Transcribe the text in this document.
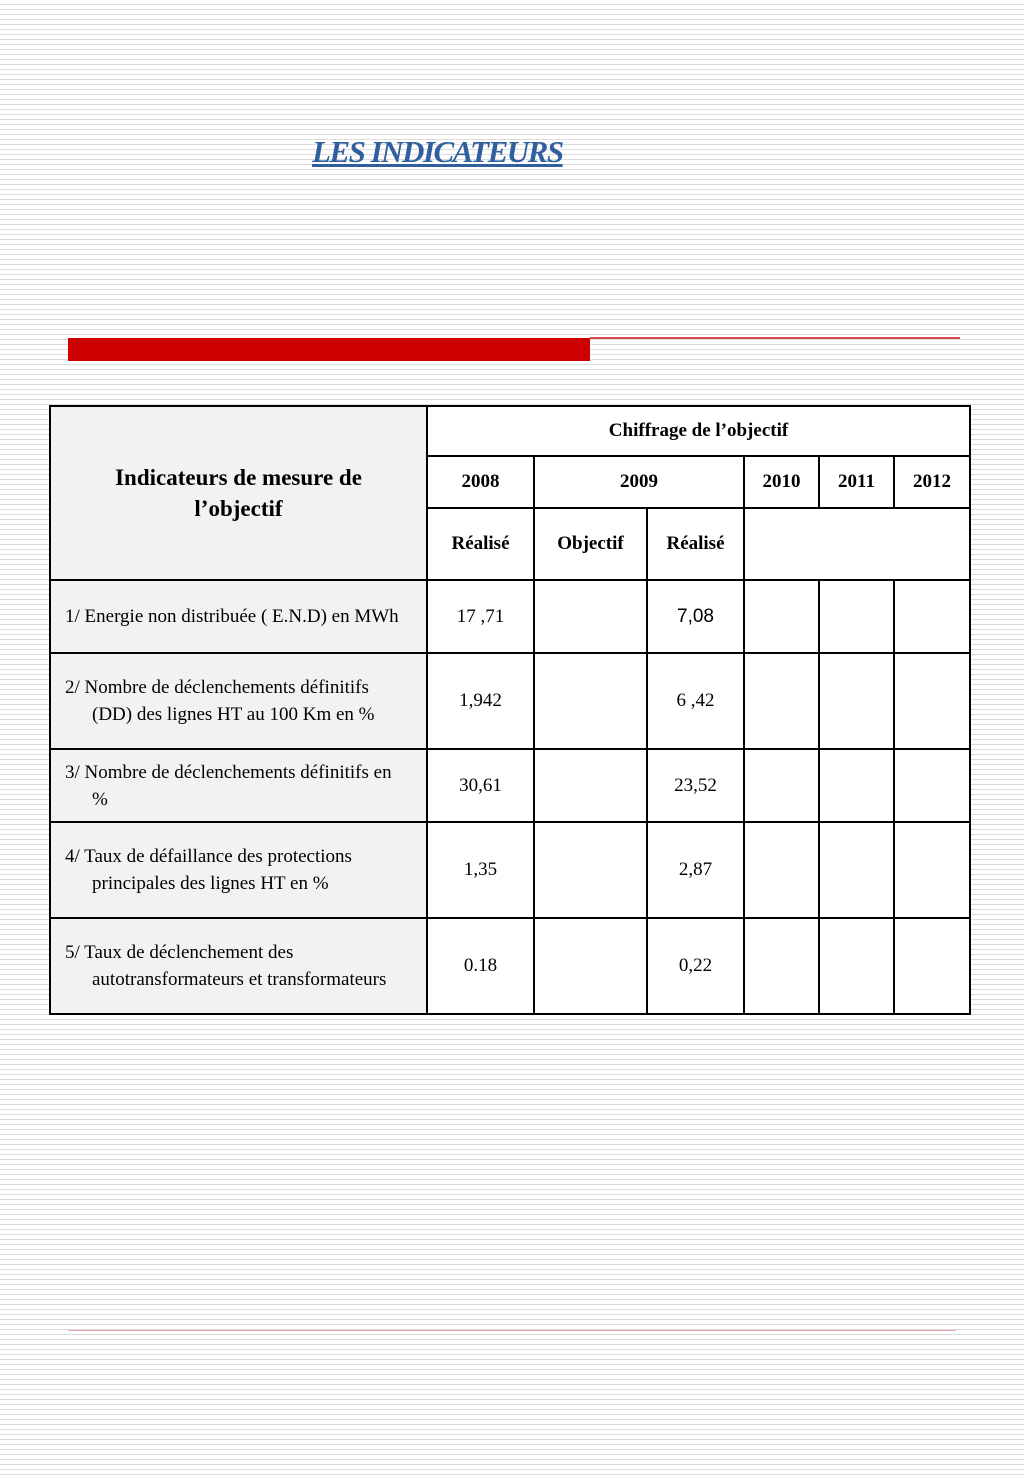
LES INDICATEURS
Indicateurs de mesure de l’objectif	Chiffrage de l’objectif					
	2008	2009		2010	2011	2012
	Réalisé	Objectif	Réalisé			

1/ Energie non distribuée ( E.N.D) en MWh	17 ,71		7,08			

2/ Nombre de déclenchements définitifs (DD) des lignes HT au 100 Km en %	1,942		6 ,42			

3/ Nombre de déclenchements définitifs en %	30,61		23,52			

4/ Taux de défaillance des protections principales des lignes HT en %	1,35		2,87			

5/ Taux de déclenchement des autotransformateurs et transformateurs	0.18		0,22			
